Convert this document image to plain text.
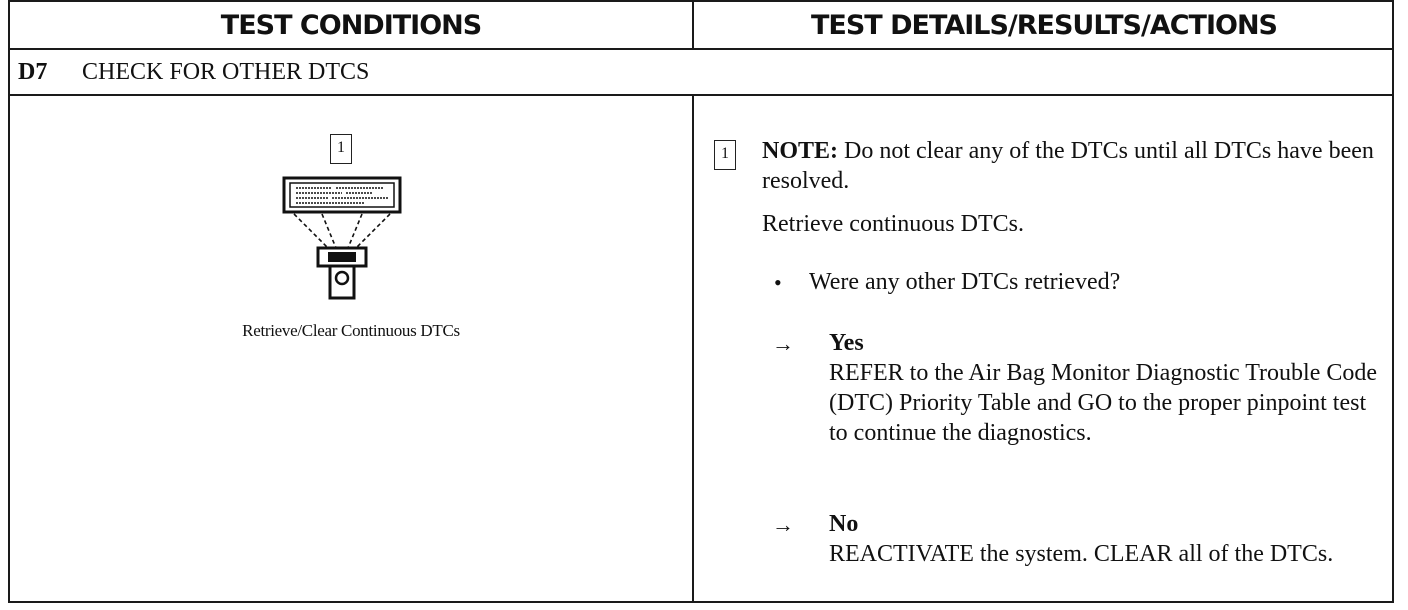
TEST CONDITIONS	TEST DETAILS/RESULTS/ACTIONS
D7	CHECK FOR OTHER DTCS
1
Retrieve/Clear Continuous DTCs
1 NOTE: Do not clear any of the DTCs until all DTCs have been resolved.
Retrieve continuous DTCs.
• Were any other DTCs retrieved?
→ Yes
REFER to the Air Bag Monitor Diagnostic Trouble Code (DTC) Priority Table and GO to the proper pinpoint test to continue the diagnostics.
→ No
REACTIVATE the system. CLEAR all of the DTCs.
